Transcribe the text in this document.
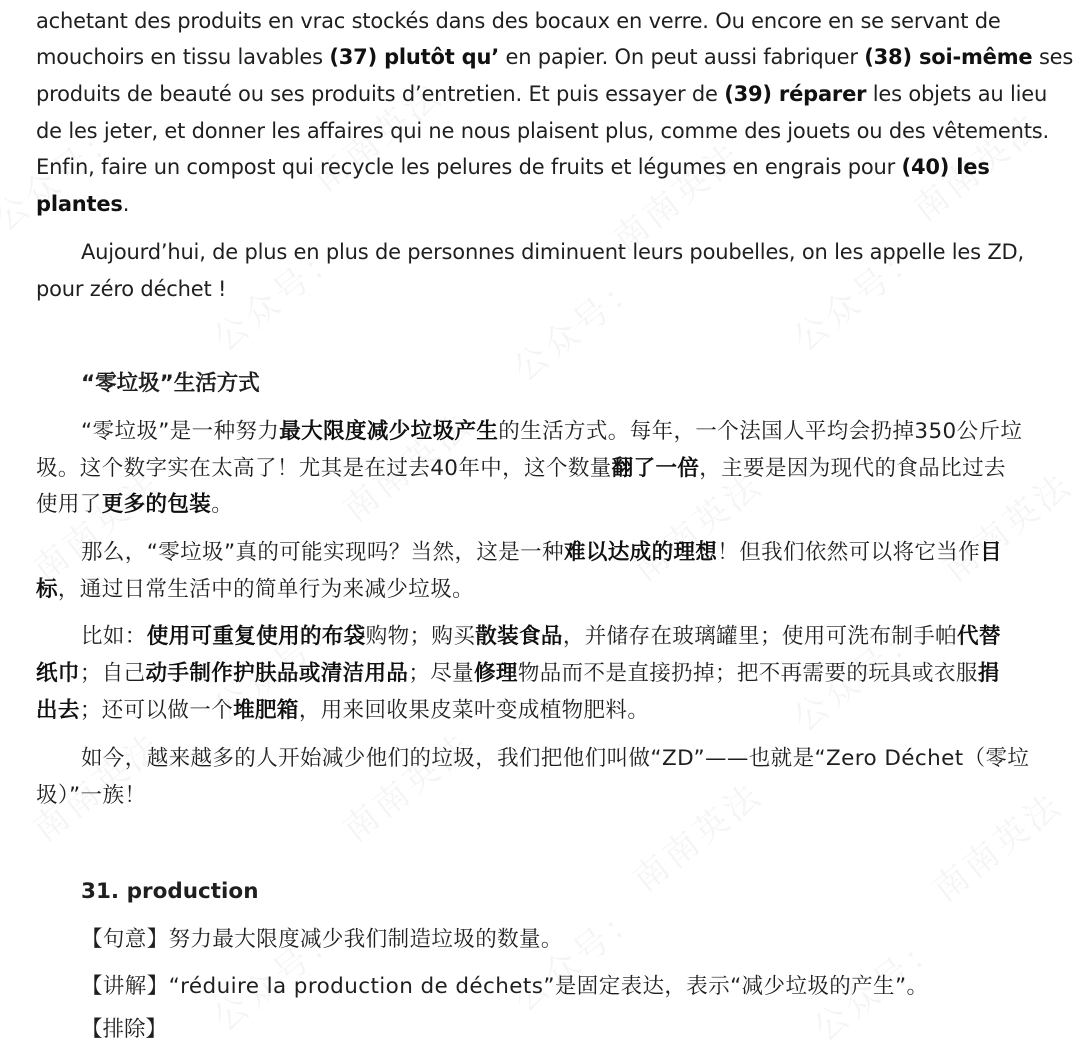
achetant des produits en vrac stockés dans des bocaux en verre. Ou encore en se servant de
mouchoirs en tissu lavables (37) plutôt qu’ en papier. On peut aussi fabriquer (38) soi-même ses
produits de beauté ou ses produits d’entretien. Et puis essayer de (39) réparer les objets au lieu
de les jeter, et donner les affaires qui ne nous plaisent plus, comme des jouets ou des vêtements.
Enfin, faire un compost qui recycle les pelures de fruits et légumes en engrais pour (40) les
plantes.
Aujourd’hui, de plus en plus de personnes diminuent leurs poubelles, on les appelle les ZD,
pour zéro déchet !
“零垃圾”生活方式
“零垃圾”是一种努力最大限度减少垃圾产生的生活方式。每年，一个法国人平均会扔掉350公斤垃
圾。这个数字实在太高了！尤其是在过去40年中，这个数量翻了一倍，主要是因为现代的食品比过去
使用了更多的包装。
那么，“零垃圾”真的可能实现吗？当然，这是一种难以达成的理想！但我们依然可以将它当作目
标，通过日常生活中的简单行为来减少垃圾。
比如：使用可重复使用的布袋购物；购买散装食品，并储存在玻璃罐里；使用可洗布制手帕代替
纸巾；自己动手制作护肤品或清洁用品；尽量修理物品而不是直接扔掉；把不再需要的玩具或衣服捐
出去；还可以做一个堆肥箱，用来回收果皮菜叶变成植物肥料。
如今，越来越多的人开始减少他们的垃圾，我们把他们叫做“ZD”——也就是“Zero Déchet（零垃
圾）”一族！
31. production
【句意】努力最大限度减少我们制造垃圾的数量。
【讲解】“réduire la production de déchets”是固定表达，表示“减少垃圾的产生”。
【排除】
